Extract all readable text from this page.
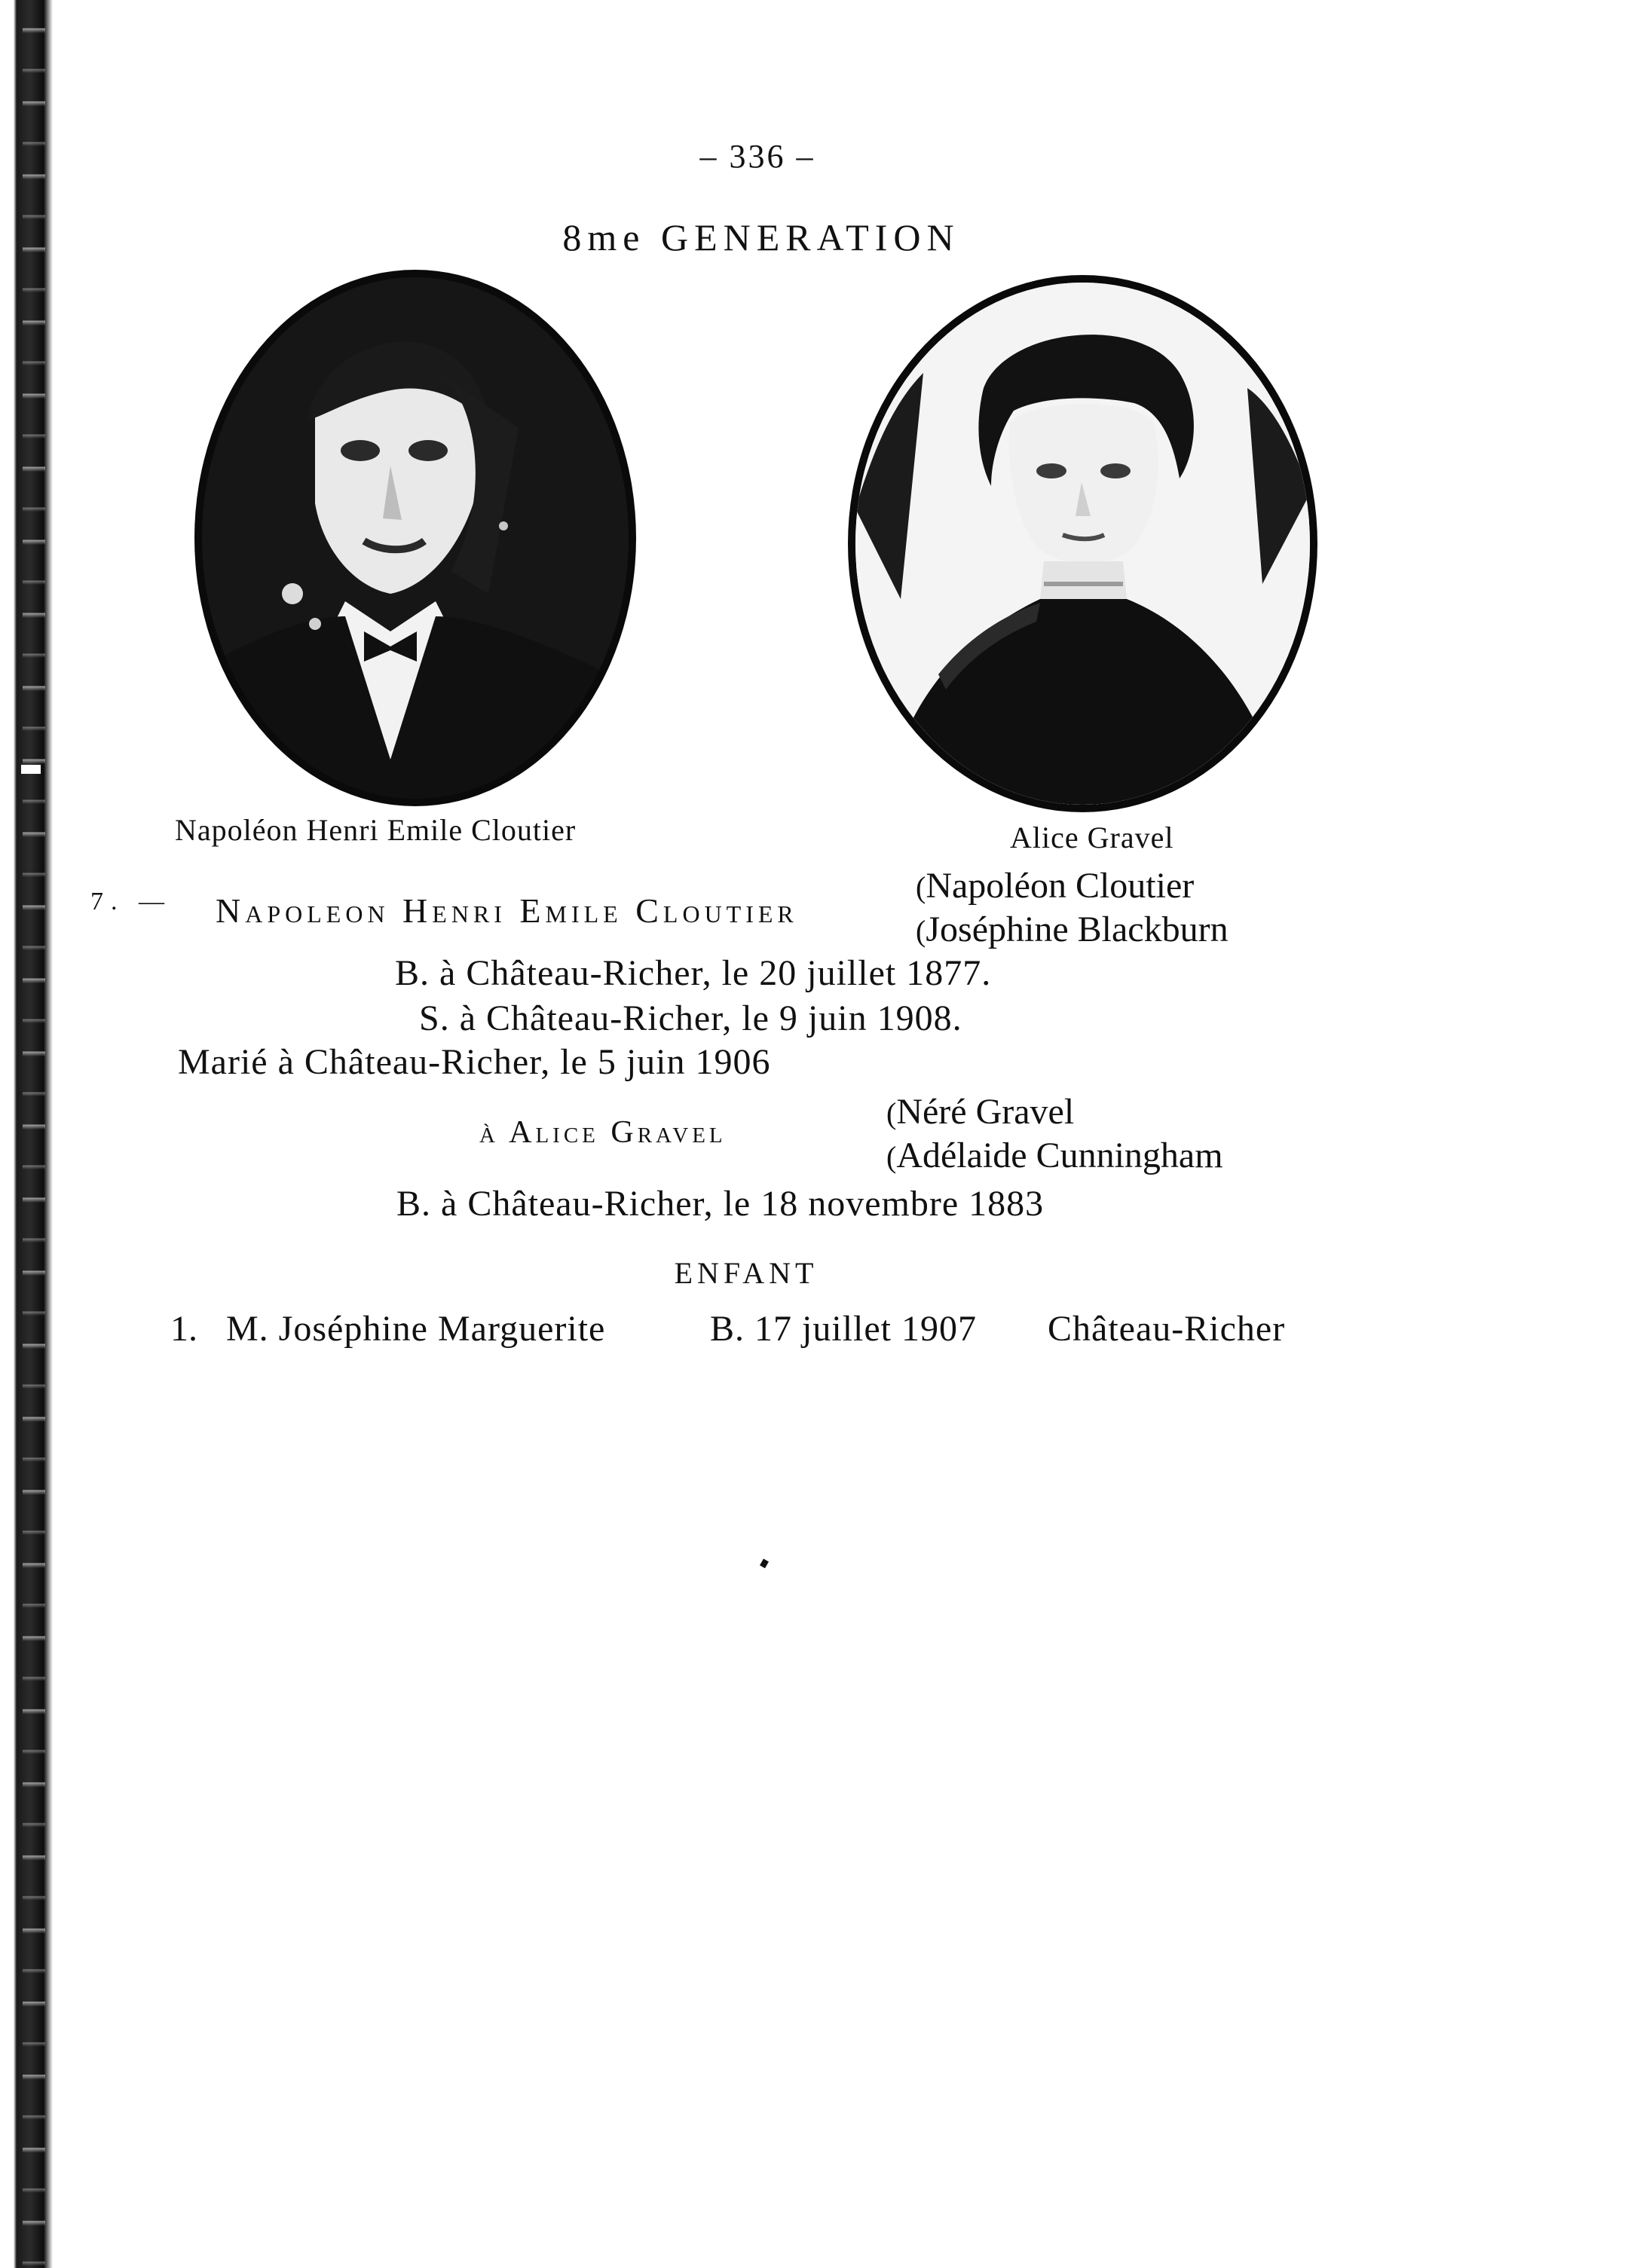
– 336 –
8me GENERATION
Napoléon Henri Emile Cloutier	Alice Gravel
7. — Napoleon Henri Emile Cloutier
(Napoléon Cloutier
(Joséphine Blackburn
B. à Château-Richer, le 20 juillet 1877.
S. à Château-Richer, le 9 juin 1908.
Marié à Château-Richer, le 5 juin 1906
à Alice Gravel
(Néré Gravel
(Adélaide Cunningham
B. à Château-Richer, le 18 novembre 1883
ENFANT
1. M. Joséphine Marguerite	B. 17 juillet 1907 Château-Richer
